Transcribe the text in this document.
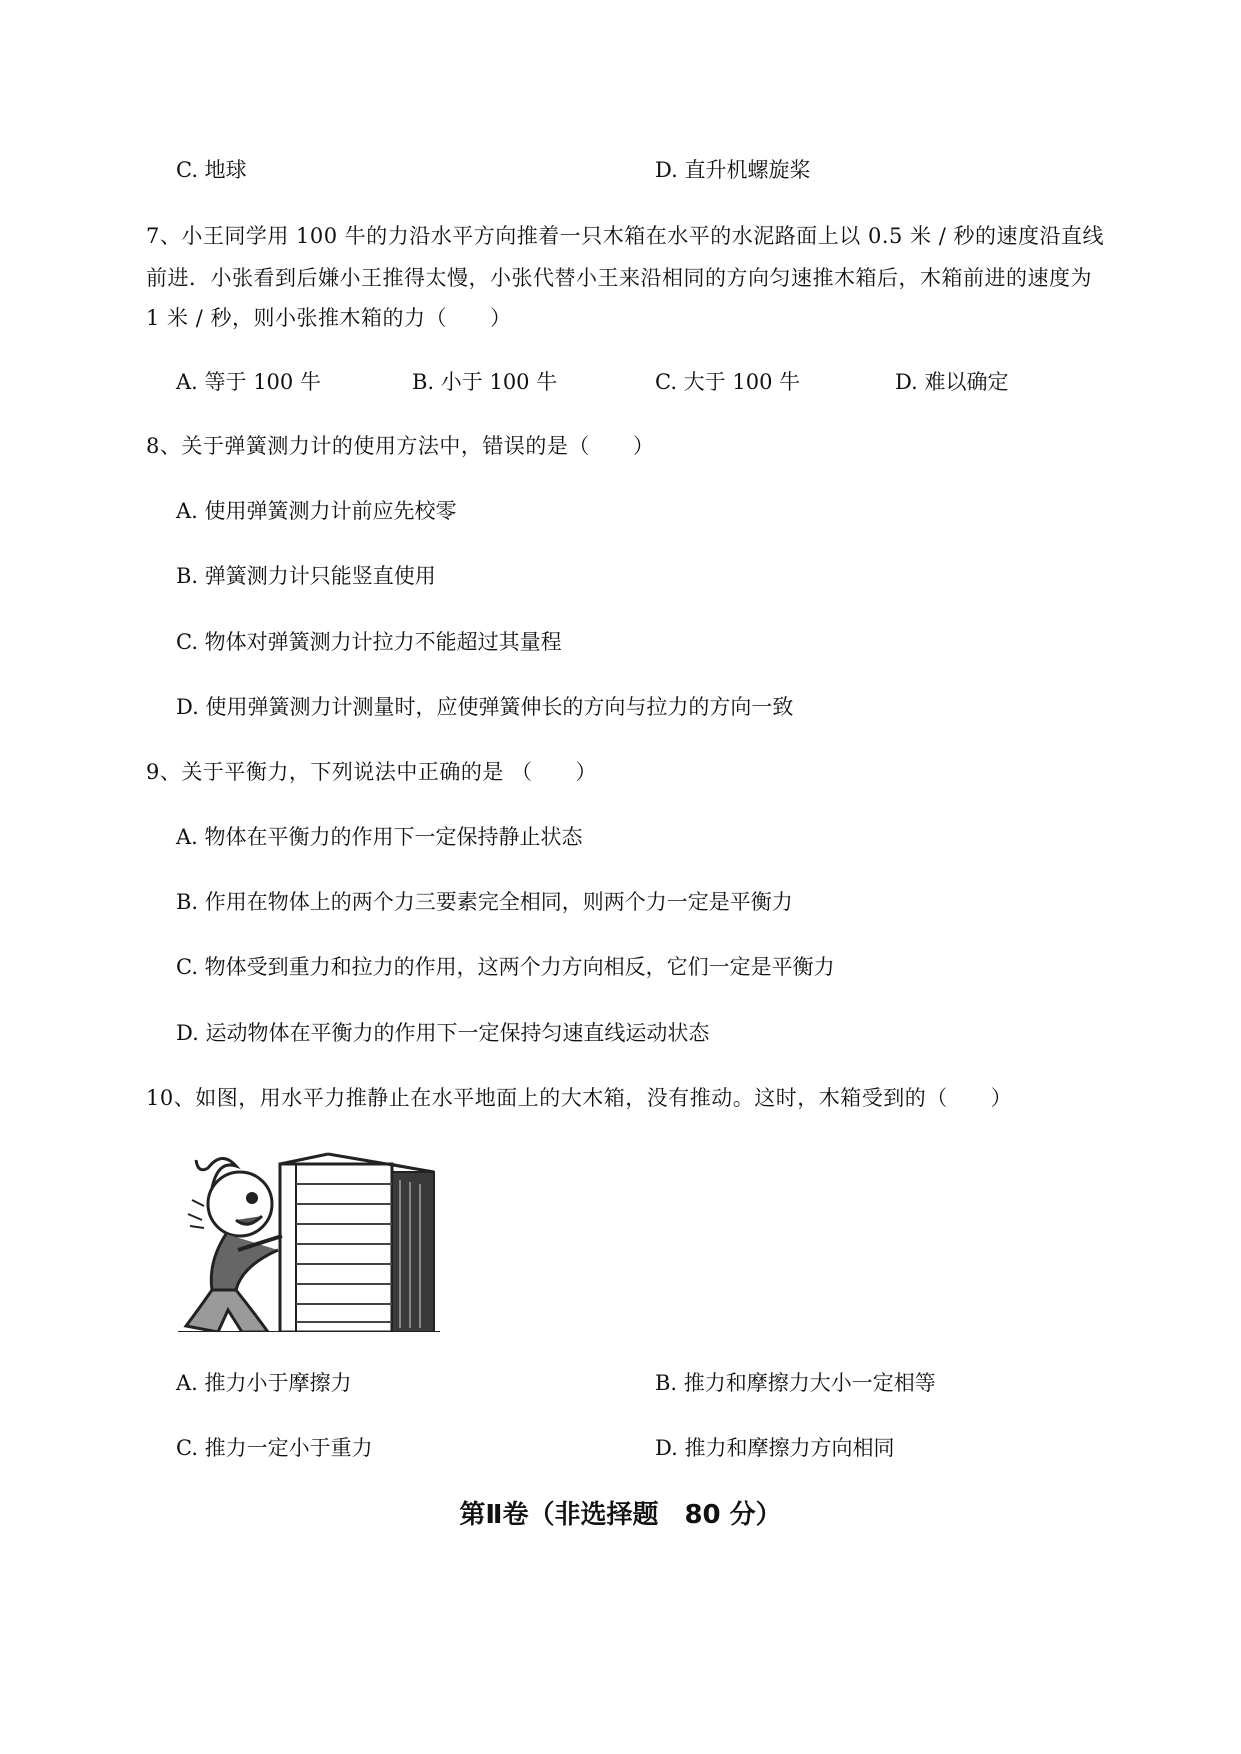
C. 地球	D. 直升机螺旋桨
7、小王同学用 100 牛的力沿水平方向推着一只木箱在水平的水泥路面上以 0.5 米 / 秒的速度沿直线
前进．小张看到后嫌小王推得太慢，小张代替小王来沿相同的方向匀速推木箱后，木箱前进的速度为
1 米 / 秒，则小张推木箱的力（　　）
A. 等于 100 牛	B. 小于 100 牛	C. 大于 100 牛	D. 难以确定
8、关于弹簧测力计的使用方法中，错误的是（　　）
A. 使用弹簧测力计前应先校零
B. 弹簧测力计只能竖直使用
C. 物体对弹簧测力计拉力不能超过其量程
D. 使用弹簧测力计测量时，应使弹簧伸长的方向与拉力的方向一致
9、关于平衡力，下列说法中正确的是 （　　）
A. 物体在平衡力的作用下一定保持静止状态
B. 作用在物体上的两个力三要素完全相同，则两个力一定是平衡力
C. 物体受到重力和拉力的作用，这两个力方向相反，它们一定是平衡力
D. 运动物体在平衡力的作用下一定保持匀速直线运动状态
10、如图，用水平力推静止在水平地面上的大木箱，没有推动。这时，木箱受到的（　　）
A. 推力小于摩擦力	B. 推力和摩擦力大小一定相等
C. 推力一定小于重力	D. 推力和摩擦力方向相同
第Ⅱ卷（非选择题　80 分）
